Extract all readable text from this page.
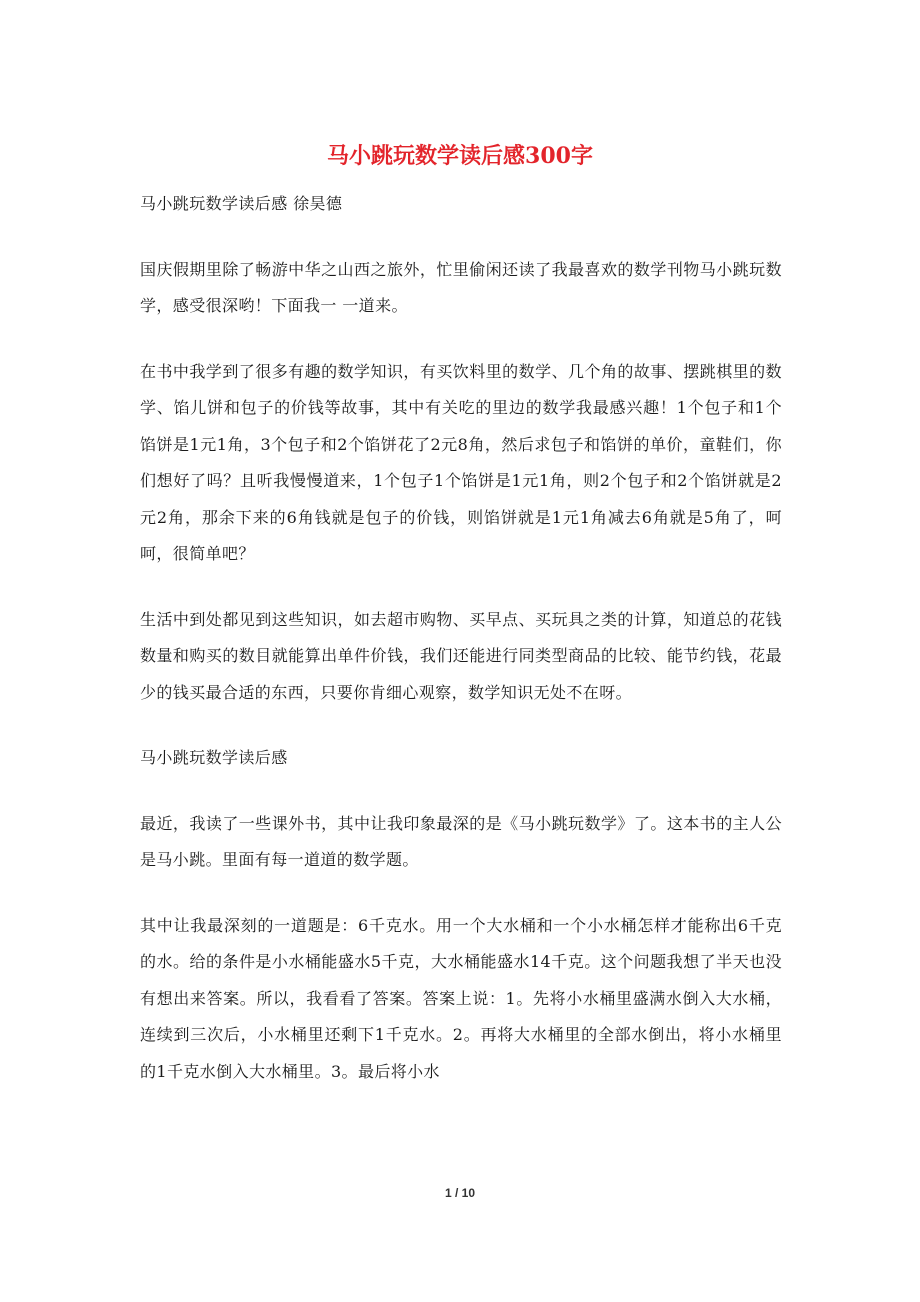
马小跳玩数学读后感300字

马小跳玩数学读后感 徐昊德

国庆假期里除了畅游中华之山西之旅外，忙里偷闲还读了我最喜欢的数学刊物马小跳玩数学，感受很深哟！下面我一 一道来。

在书中我学到了很多有趣的数学知识，有买饮料里的数学、几个角的故事、摆跳棋里的数学、馅儿饼和包子的价钱等故事，其中有关吃的里边的数学我最感兴趣！1个包子和1个馅饼是1元1角，3个包子和2个馅饼花了2元8角，然后求包子和馅饼的单价，童鞋们，你们想好了吗？且听我慢慢道来，1个包子1个馅饼是1元1角，则2个包子和2个馅饼就是2元2角，那余下来的6角钱就是包子的价钱，则馅饼就是1元1角减去6角就是5角了，呵呵，很简单吧？

生活中到处都见到这些知识，如去超市购物、买早点、买玩具之类的计算，知道总的花钱数量和购买的数目就能算出单件价钱，我们还能进行同类型商品的比较、能节约钱，花最少的钱买最合适的东西，只要你肯细心观察，数学知识无处不在呀。

马小跳玩数学读后感

最近，我读了一些课外书，其中让我印象最深的是《马小跳玩数学》了。这本书的主人公是马小跳。里面有每一道道的数学题。

其中让我最深刻的一道题是：6千克水。用一个大水桶和一个小水桶怎样才能称出6千克的水。给的条件是小水桶能盛水5千克，大水桶能盛水14千克。这个问题我想了半天也没有想出来答案。所以，我看看了答案。答案上说：1。先将小水桶里盛满水倒入大水桶，连续到三次后，小水桶里还剩下1千克水。2。再将大水桶里的全部水倒出，将小水桶里的1千克水倒入大水桶里。3。最后将小水

1 / 10
